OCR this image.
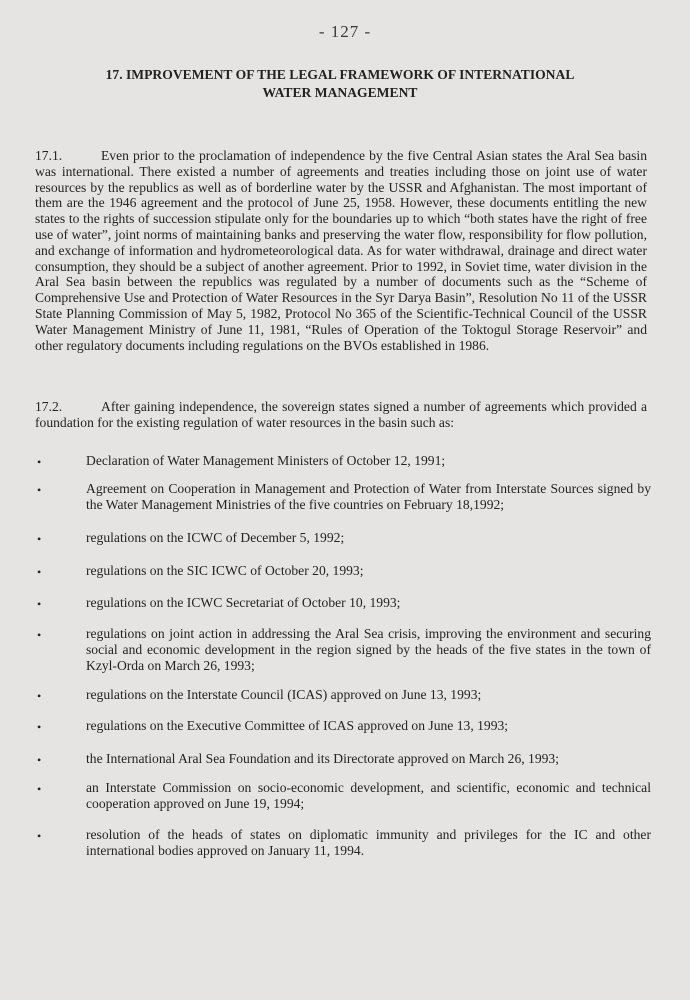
- 127 -
17. IMPROVEMENT OF THE LEGAL FRAMEWORK OF INTERNATIONAL
WATER MANAGEMENT
17.1.	Even prior to the proclamation of independence by the five Central Asian states the Aral Sea basin was international. There existed a number of agreements and treaties including those on joint use of water resources by the republics as well as of borderline water by the USSR and Afghanistan. The most important of them are the 1946 agreement and the protocol of June 25, 1958. However, these documents entitling the new states to the rights of succession stipulate only for the boundaries up to which “both states have the right of free use of water”, joint norms of maintaining banks and preserving the water flow, responsibility for flow pollution, and exchange of information and hydrometeorological data. As for water withdrawal, drainage and direct water consumption, they should be a subject of another agreement. Prior to 1992, in Soviet time, water division in the Aral Sea basin between the republics was regulated by a number of documents such as the “Scheme of Comprehensive Use and Protection of Water Resources in the Syr Darya Basin”, Resolution No 11 of the USSR State Planning Commission of May 5, 1982, Protocol No 365 of the Scientific-Technical Council of the USSR Water Management Ministry of June 11, 1981, “Rules of Operation of the Toktogul Storage Reservoir” and other regulatory documents including regulations on the BVOs established in 1986.
17.2.	After gaining independence, the sovereign states signed a number of agreements which provided a foundation for the existing regulation of water resources in the basin such as:
•	Declaration of Water Management Ministers of October 12, 1991;
•	Agreement on Cooperation in Management and Protection of Water from Interstate Sources signed by the Water Management Ministries of the five countries on February 18,1992;
•	regulations on the ICWC of December 5, 1992;
•	regulations on the SIC ICWC of October 20, 1993;
•	regulations on the ICWC Secretariat of October 10, 1993;
•	regulations on joint action in addressing the Aral Sea crisis, improving the environment and securing social and economic development in the region signed by the heads of the five states in the town of Kzyl-Orda on March 26, 1993;
•	regulations on the Interstate Council (ICAS) approved on June 13, 1993;
•	regulations on the Executive Committee of ICAS approved on June 13, 1993;
•	the International Aral Sea Foundation and its Directorate approved on March 26, 1993;
•	an Interstate Commission on socio-economic development, and scientific, economic and technical cooperation approved on June 19, 1994;
•	resolution of the heads of states on diplomatic immunity and privileges for the IC and other international bodies approved on January 11, 1994.
